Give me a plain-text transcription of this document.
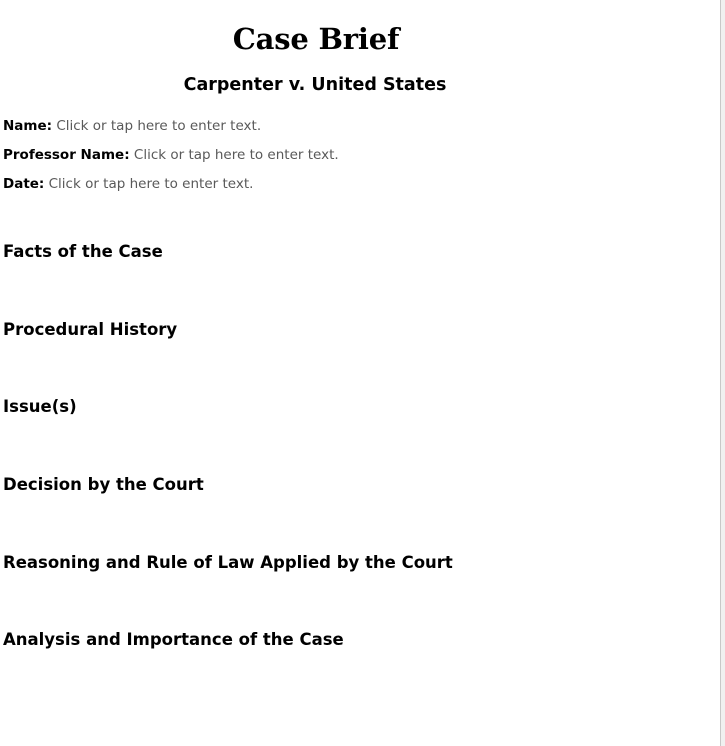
Case Brief
Carpenter v. United States
Name: Click or tap here to enter text.
Professor Name: Click or tap here to enter text.
Date: Click or tap here to enter text.
Facts of the Case
Procedural History
Issue(s)
Decision by the Court
Reasoning and Rule of Law Applied by the Court
Analysis and Importance of the Case
